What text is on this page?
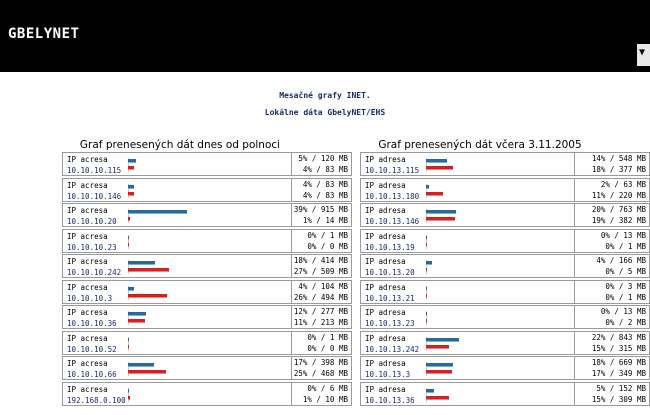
GBELYNET
▼
Mesačné grafy INET.
Lokálne dáta GbelyNET/EHS
Graf prenesených dát dnes od polnoci	Graf prenesených dát včera 3.11.2005
IP acresa
10.10.10.115
5% / 120 MB
4% / 83 MB
IP acresa
10.10.10.146
4% / 83 MB
4% / 83 MB
IP acresa
10.10.10.20
39% / 915 MB
1% / 14 MB
IP acresa
10.10.10.23
0% / 1 MB
0% / 0 MB
IP acresa
10.10.10.242
18% / 414 MB
27% / 509 MB
IP acresa
10.10.10.3
4% / 104 MB
26% / 494 MB
IP acresa
10.10.10.36
12% / 277 MB
11% / 213 MB
IP acresa
10.10.10.52
0% / 1 MB
0% / 0 MB
IP acresa
10.10.10.66
17% / 398 MB
25% / 468 MB
IP acresa
192.168.0.100
0% / 6 MB
1% / 10 MB
IP adresa
10.10.13.115
14% / 548 MB
18% / 377 MB
IP adresa
10.10.13.180
2% / 63 MB
11% / 220 MB
IP adresa
10.10.13.146
20% / 763 MB
19% / 382 MB
IP adresa
10.10.13.19
0% / 13 MB
0% / 1 MB
IP adresa
10.10.13.20
4% / 166 MB
0% / 5 MB
IP adresa
10.10.13.21
0% / 3 MB
0% / 1 MB
IP adresa
10.10.13.23
0% / 13 MB
0% / 2 MB
IP adresa
10.10.13.242
22% / 843 MB
15% / 315 MB
IP adresa
10.10.13.3
18% / 669 MB
17% / 349 MB
IP adresa
10.10.13.36
5% / 152 MB
15% / 309 MB
